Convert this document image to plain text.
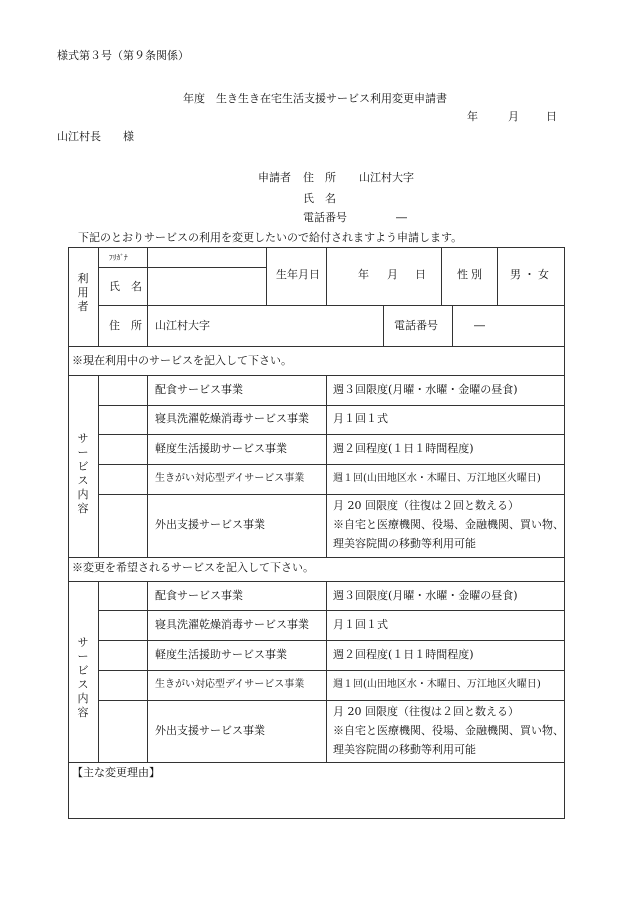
様式第３号（第９条関係）
年度　生き生き在宅生活支援サービス利用変更申請書
年	月 日
山江村長　　様
申請者 住　所 山江村大字
氏　名
電話番号	―
下記のとおりサービスの利用を変更したいので給付されますよう申請します。
利用者
ﾌﾘｶﾞﾅ
氏　名
生年月日	年 月 日	性別 男・女
住　所 山江村大字	電話番号	―
※現在利用中のサービスを記入して下さい。
サービス内容
配食サービス事業	週３回限度(月曜・水曜・金曜の昼食)
寝具洗濯乾燥消毒サービス事業 月１回１式
軽度生活援助サービス事業	週２回程度(１日１時間程度)
生きがい対応型デイサービス事業	週１回(山田地区水・木曜日、万江地区火曜日)
外出支援サービス事業
月 20 回限度（往復は２回と数える）
※自宅と医療機関、役場、金融機関、買い物、
理美容院間の移動等利用可能
※変更を希望されるサービスを記入して下さい。
サービス内容
配食サービス事業	週３回限度(月曜・水曜・金曜の昼食)
寝具洗濯乾燥消毒サービス事業 月１回１式
軽度生活援助サービス事業	週２回程度(１日１時間程度)
生きがい対応型デイサービス事業	週１回(山田地区水・木曜日、万江地区火曜日)
外出支援サービス事業
月 20 回限度（往復は２回と数える）
※自宅と医療機関、役場、金融機関、買い物、
理美容院間の移動等利用可能
【主な変更理由】
